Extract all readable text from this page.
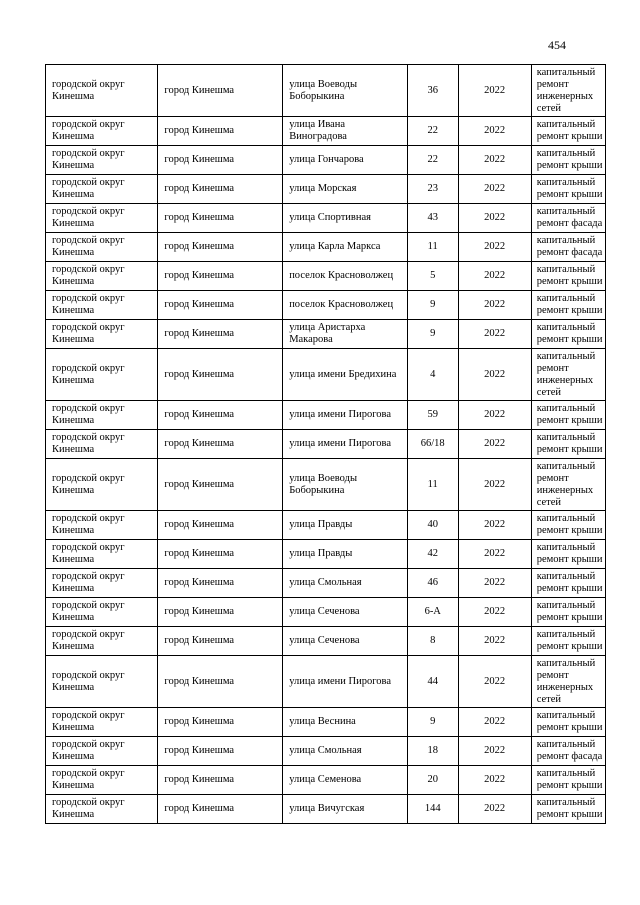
454
городской округ Кинешма	город Кинешма	улица Воеводы Боборыкина	36	2022	капитальный ремонт инженерных сетей
городской округ Кинешма	город Кинешма	улица Ивана Виноградова	22	2022	капитальный ремонт крыши
городской округ Кинешма	город Кинешма	улица Гончарова	22	2022	капитальный ремонт крыши
городской округ Кинешма	город Кинешма	улица Морская	23	2022	капитальный ремонт крыши
городской округ Кинешма	город Кинешма	улица Спортивная	43	2022	капитальный ремонт фасада
городской округ Кинешма	город Кинешма	улица Карла Маркса	11	2022	капитальный ремонт фасада
городской округ Кинешма	город Кинешма	поселок Красноволжец	5	2022	капитальный ремонт крыши
городской округ Кинешма	город Кинешма	поселок Красноволжец	9	2022	капитальный ремонт крыши
городской округ Кинешма	город Кинешма	улица Аристарха Макарова	9	2022	капитальный ремонт крыши
городской округ Кинешма	город Кинешма	улица имени Бредихина	4	2022	капитальный ремонт инженерных сетей
городской округ Кинешма	город Кинешма	улица имени Пирогова	59	2022	капитальный ремонт крыши
городской округ Кинешма	город Кинешма	улица имени Пирогова	66/18	2022	капитальный ремонт крыши
городской округ Кинешма	город Кинешма	улица Воеводы Боборыкина	11	2022	капитальный ремонт инженерных сетей
городской округ Кинешма	город Кинешма	улица Правды	40	2022	капитальный ремонт крыши
городской округ Кинешма	город Кинешма	улица Правды	42	2022	капитальный ремонт крыши
городской округ Кинешма	город Кинешма	улица Смольная	46	2022	капитальный ремонт крыши
городской округ Кинешма	город Кинешма	улица Сеченова	6-А	2022	капитальный ремонт крыши
городской округ Кинешма	город Кинешма	улица Сеченова	8	2022	капитальный ремонт крыши
городской округ Кинешма	город Кинешма	улица имени Пирогова	44	2022	капитальный ремонт инженерных сетей
городской округ Кинешма	город Кинешма	улица Веснина	9	2022	капитальный ремонт крыши
городской округ Кинешма	город Кинешма	улица Смольная	18	2022	капитальный ремонт фасада
городской округ Кинешма	город Кинешма	улица Семенова	20	2022	капитальный ремонт крыши
городской округ Кинешма	город Кинешма	улица Вичугская	144	2022	капитальный ремонт крыши
